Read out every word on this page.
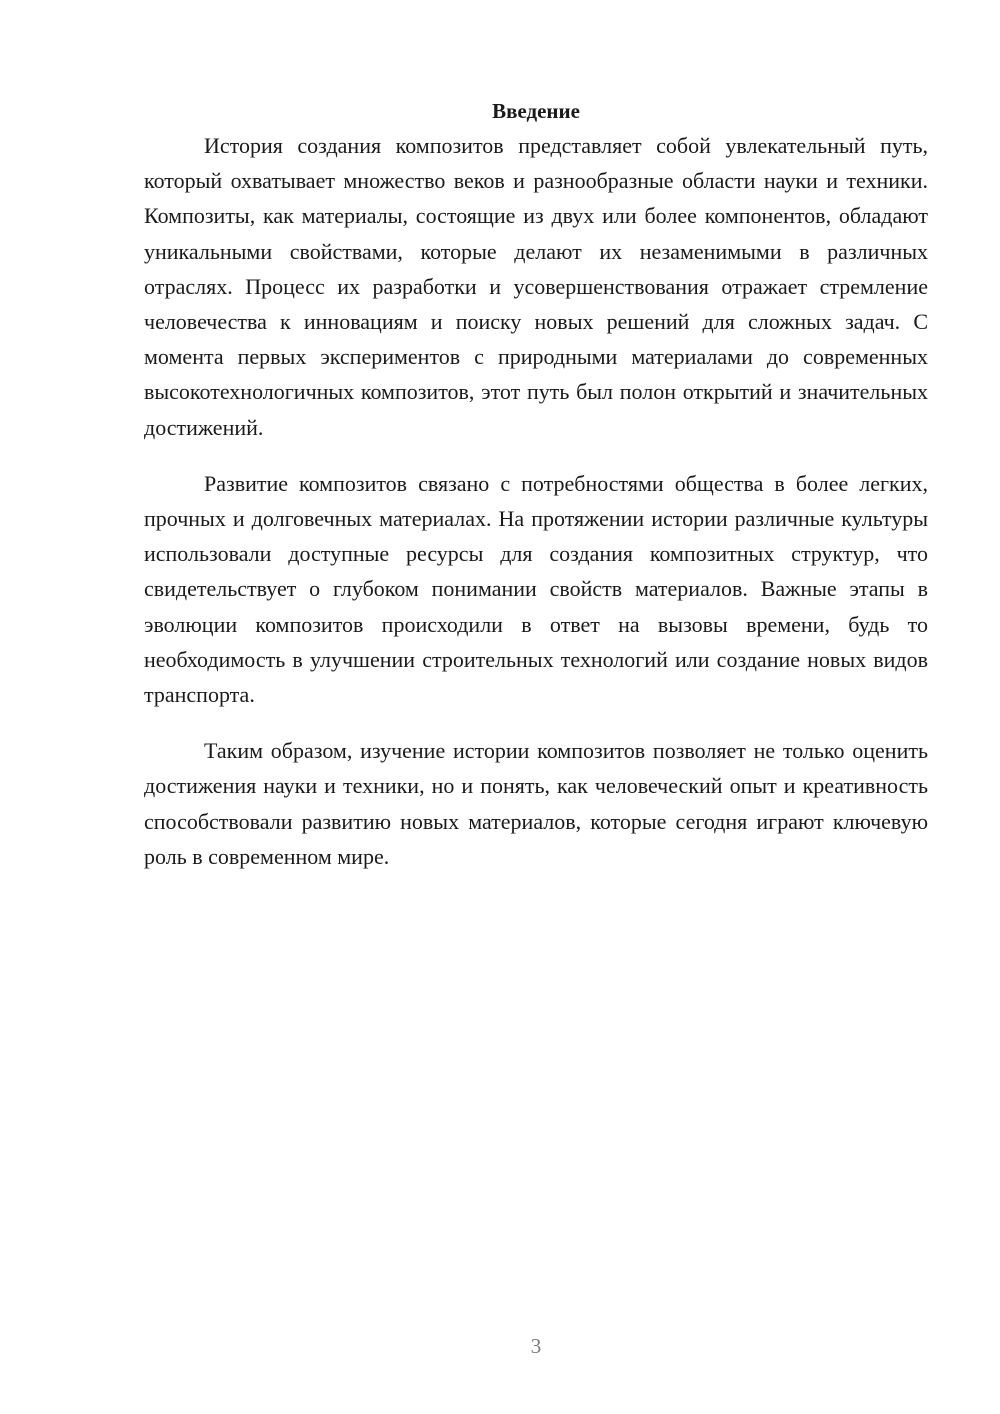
Введение

История создания композитов представляет собой увлекательный путь, который охватывает множество веков и разнообразные области науки и техники. Композиты, как материалы, состоящие из двух или более компонентов, обладают уникальными свойствами, которые делают их незаменимыми в различных отраслях. Процесс их разработки и усовершенствования отражает стремление человечества к инновациям и поиску новых решений для сложных задач. С момента первых экспериментов с природными материалами до современных высокотехнологичных композитов, этот путь был полон открытий и значительных достижений.

Развитие композитов связано с потребностями общества в более легких, прочных и долговечных материалах. На протяжении истории различные культуры использовали доступные ресурсы для создания композитных структур, что свидетельствует о глубоком понимании свойств материалов. Важные этапы в эволюции композитов происходили в ответ на вызовы времени, будь то необходимость в улучшении строительных технологий или создание новых видов транспорта.

Таким образом, изучение истории композитов позволяет не только оценить достижения науки и техники, но и понять, как человеческий опыт и креативность способствовали развитию новых материалов, которые сегодня играют ключевую роль в современном мире.

3
